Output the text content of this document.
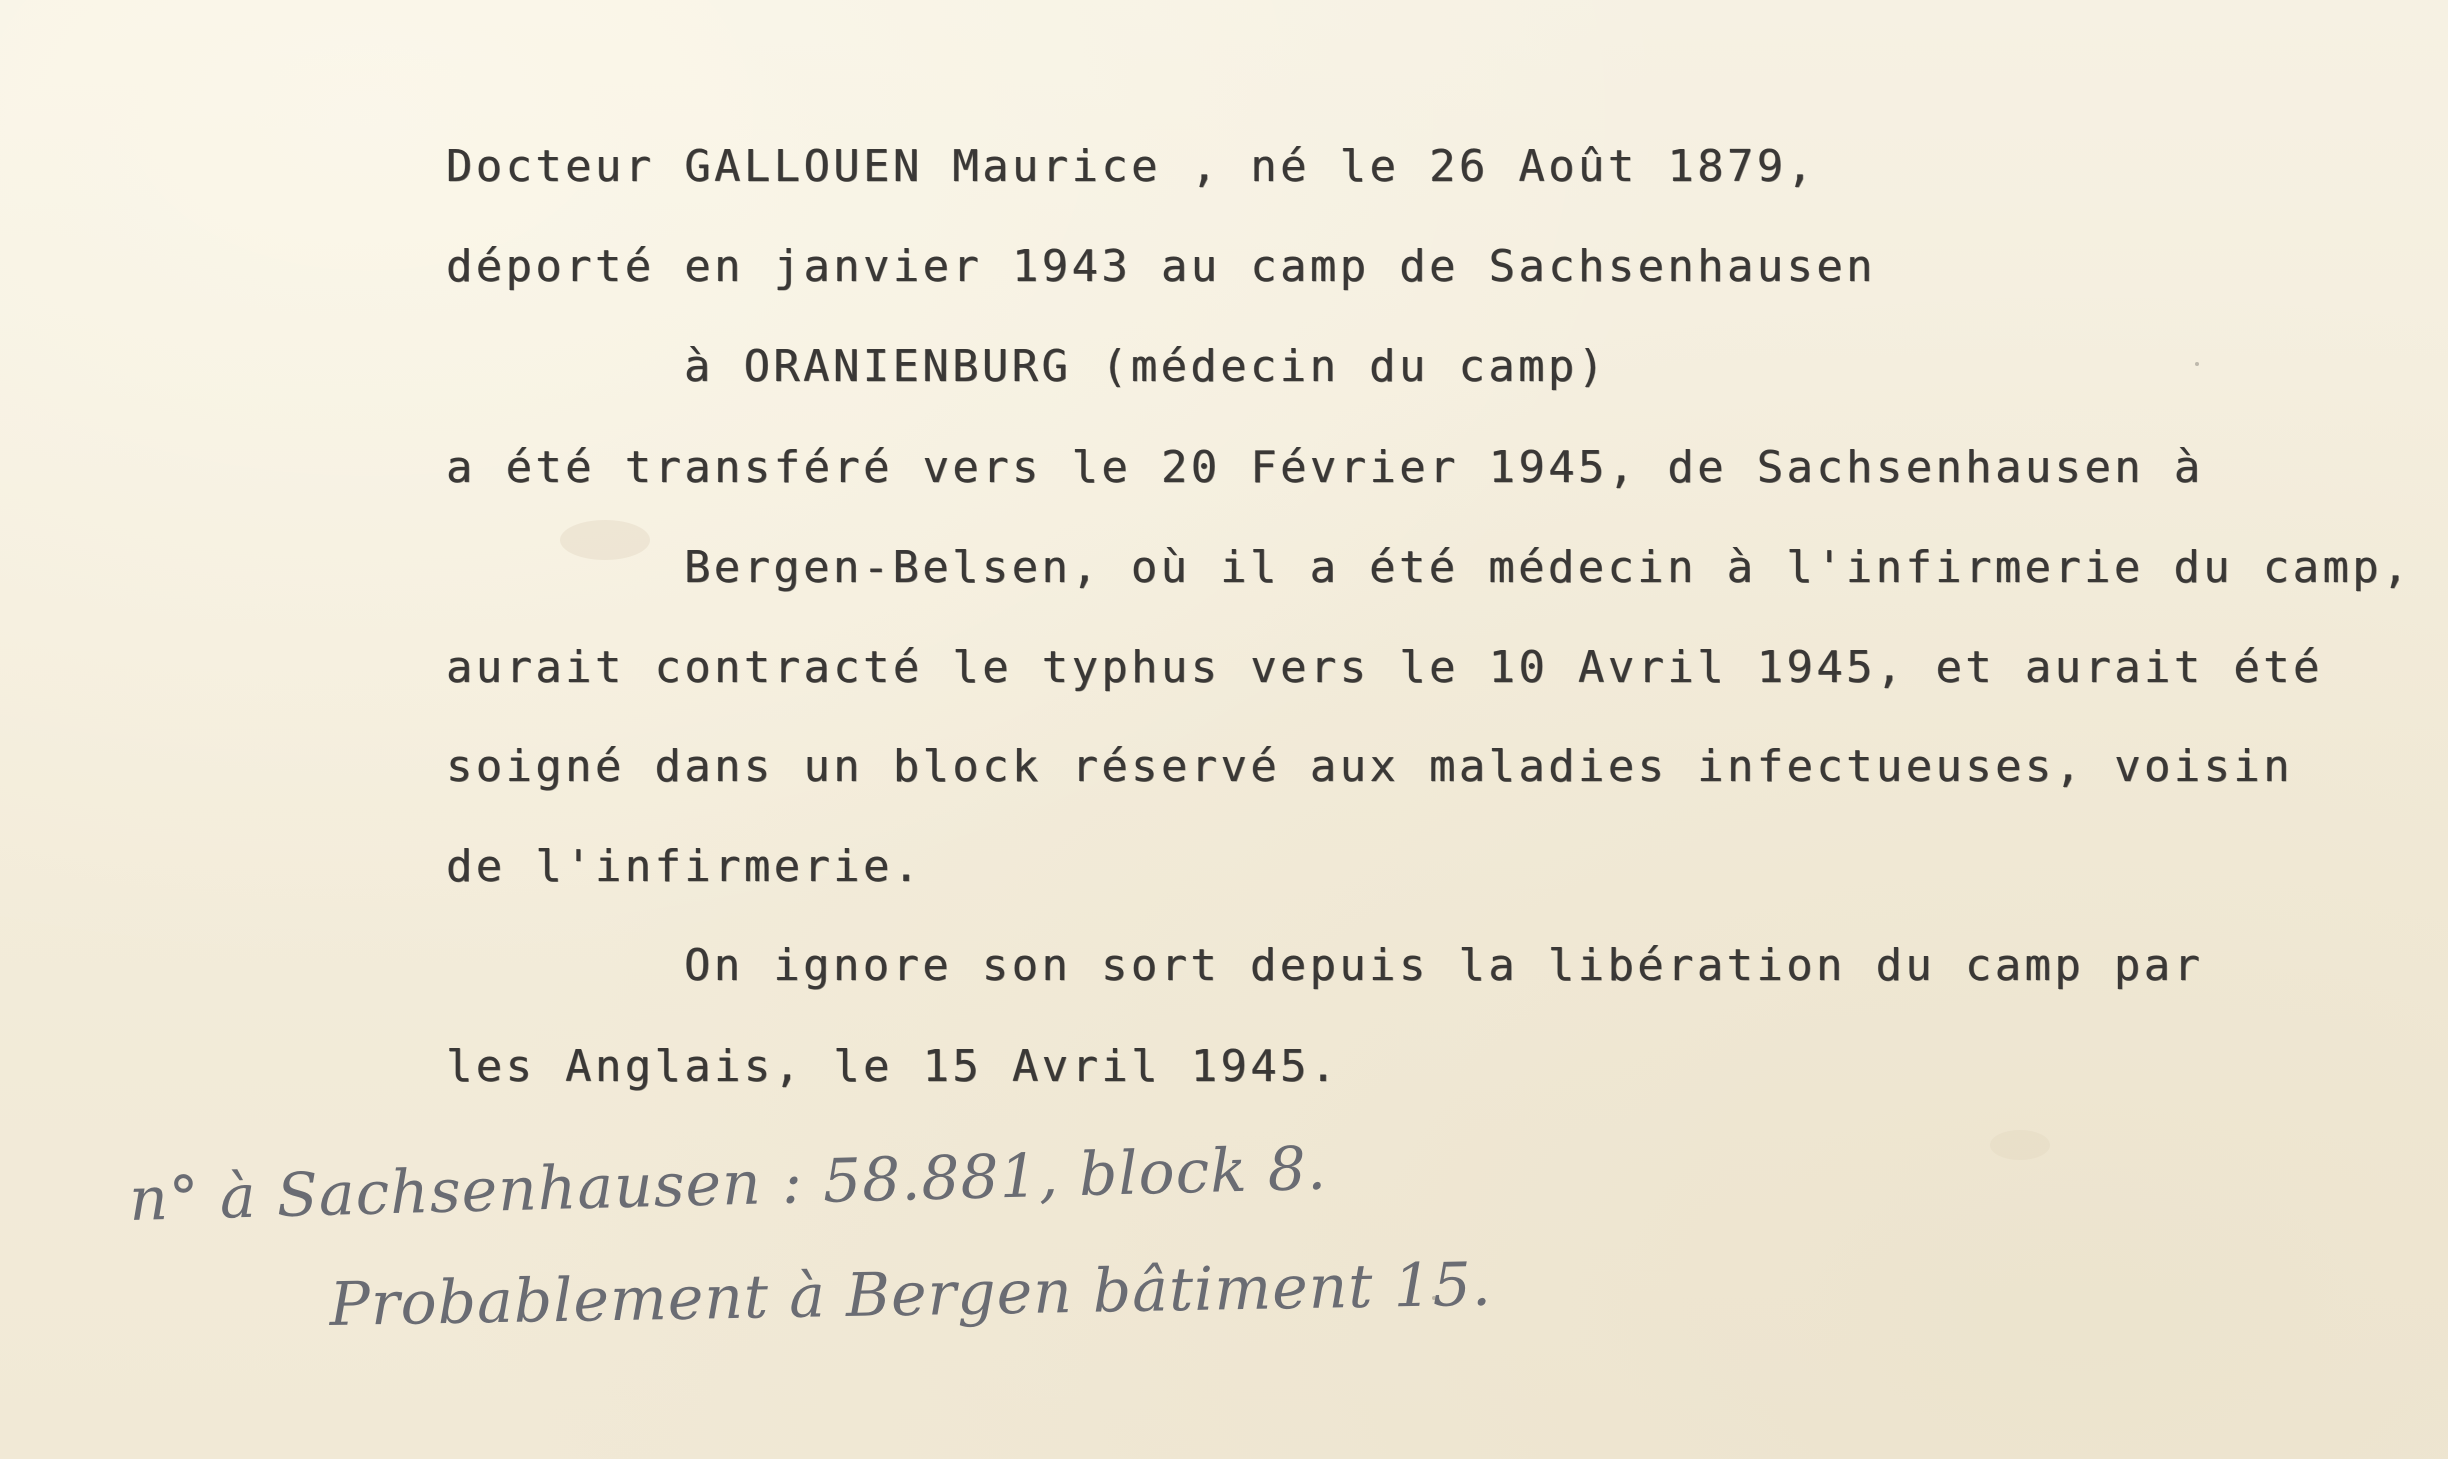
Docteur GALLOUEN Maurice , né le 26 Août 1879,
déporté en janvier 1943 au camp de Sachsenhausen
à ORANIENBURG (médecin du camp)
a été transféré vers le 20 Février 1945, de Sachsenhausen à
Bergen-Belsen, où il a été médecin à l'infirmerie du camp,
aurait contracté le typhus vers le 10 Avril 1945, et aurait été
soigné dans un block réservé aux maladies infectueuses, voisin
de l'infirmerie.
On ignore son sort depuis la libération du camp par
les Anglais, le 15 Avril 1945.
n° à Sachsenhausen : 58.881, block 8.
Probablement à Bergen bâtiment 15.
